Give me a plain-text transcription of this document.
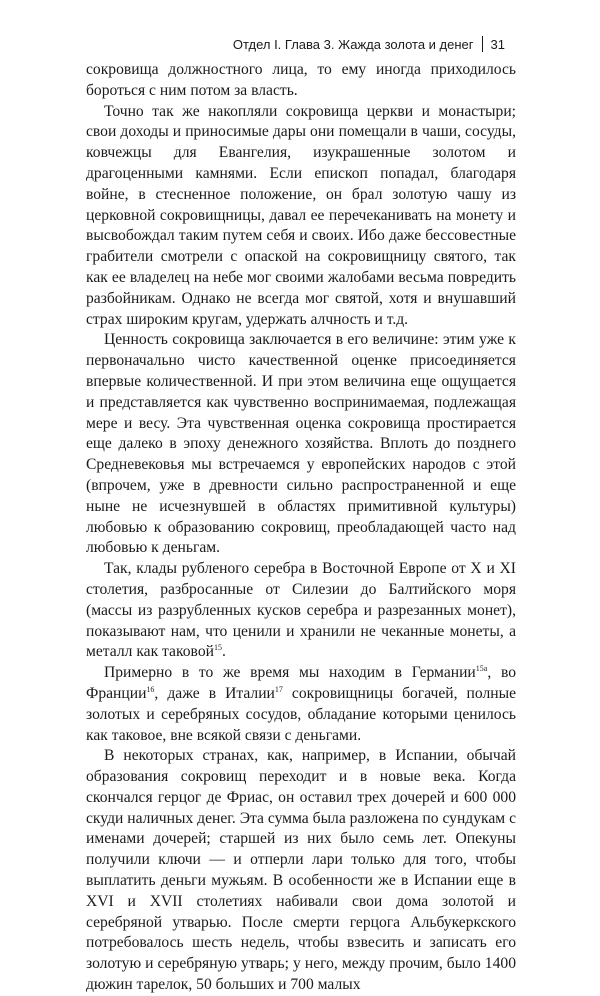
Отдел I. Глава 3. Жажда золота и денег 31

сокровища должностного лица, то ему иногда приходилось бороться с ним потом за власть.

Точно так же накопляли сокровища церкви и монастыри; свои доходы и приносимые дары они помещали в чаши, сосуды, ковчежцы для Евангелия, изукрашенные золотом и драгоценными камнями. Если епископ попадал, благодаря войне, в стесненное положение, он брал золотую чашу из церковной сокровищницы, давал ее перечеканивать на монету и высвобождал таким путем себя и своих. Ибо даже бессовестные грабители смотрели с опаской на сокровищницу святого, так как ее владелец на небе мог своими жалобами весьма повредить разбойникам. Однако не всегда мог святой, хотя и внушавший страх широким кругам, удержать алчность и т.д.

Ценность сокровища заключается в его величине: этим уже к первоначально чисто качественной оценке присоединяется впервые количественной. И при этом величина еще ощущается и представляется как чувственно воспринимаемая, подлежащая мере и весу. Эта чувственная оценка сокровища простирается еще далеко в эпоху денежного хозяйства. Вплоть до позднего Средневековья мы встречаемся у европейских народов с этой (впрочем, уже в древности сильно распространенной и еще ныне не исчезнувшей в областях примитивной культуры) любовью к образованию сокровищ, преобладающей часто над любовью к деньгам.

Так, клады рубленого серебра в Восточной Европе от X и XI столетия, разбросанные от Силезии до Балтийского моря (массы из разрубленных кусков серебра и разрезанных монет), показывают нам, что ценили и хранили не чеканные монеты, а металл как таковой$^{15}$.

Примерно в то же время мы находим в Германии$^{15a}$, во Франции$^{16}$, даже в Италии$^{17}$ сокровищницы богачей, полные золотых и серебряных сосудов, обладание которыми ценилось как таковое, вне всякой связи с деньгами.

В некоторых странах, как, например, в Испании, обычай образования сокровищ переходит и в новые века. Когда скончался герцог де Фриас, он оставил трех дочерей и 600 000 скуди наличных денег. Эта сумма была разложена по сундукам с именами дочерей; старшей из них было семь лет. Опекуны получили ключи — и отперли лари только для того, чтобы выплатить деньги мужьям. В особенности же в Испании еще в XVI и XVII столетиях набивали свои дома золотой и серебряной утварью. После смерти герцога Альбукеркского потребовалось шесть недель, чтобы взвесить и записать его золотую и серебряную утварь; у него, между прочим, было 1400 дюжин тарелок, 50 больших и 700 малых
